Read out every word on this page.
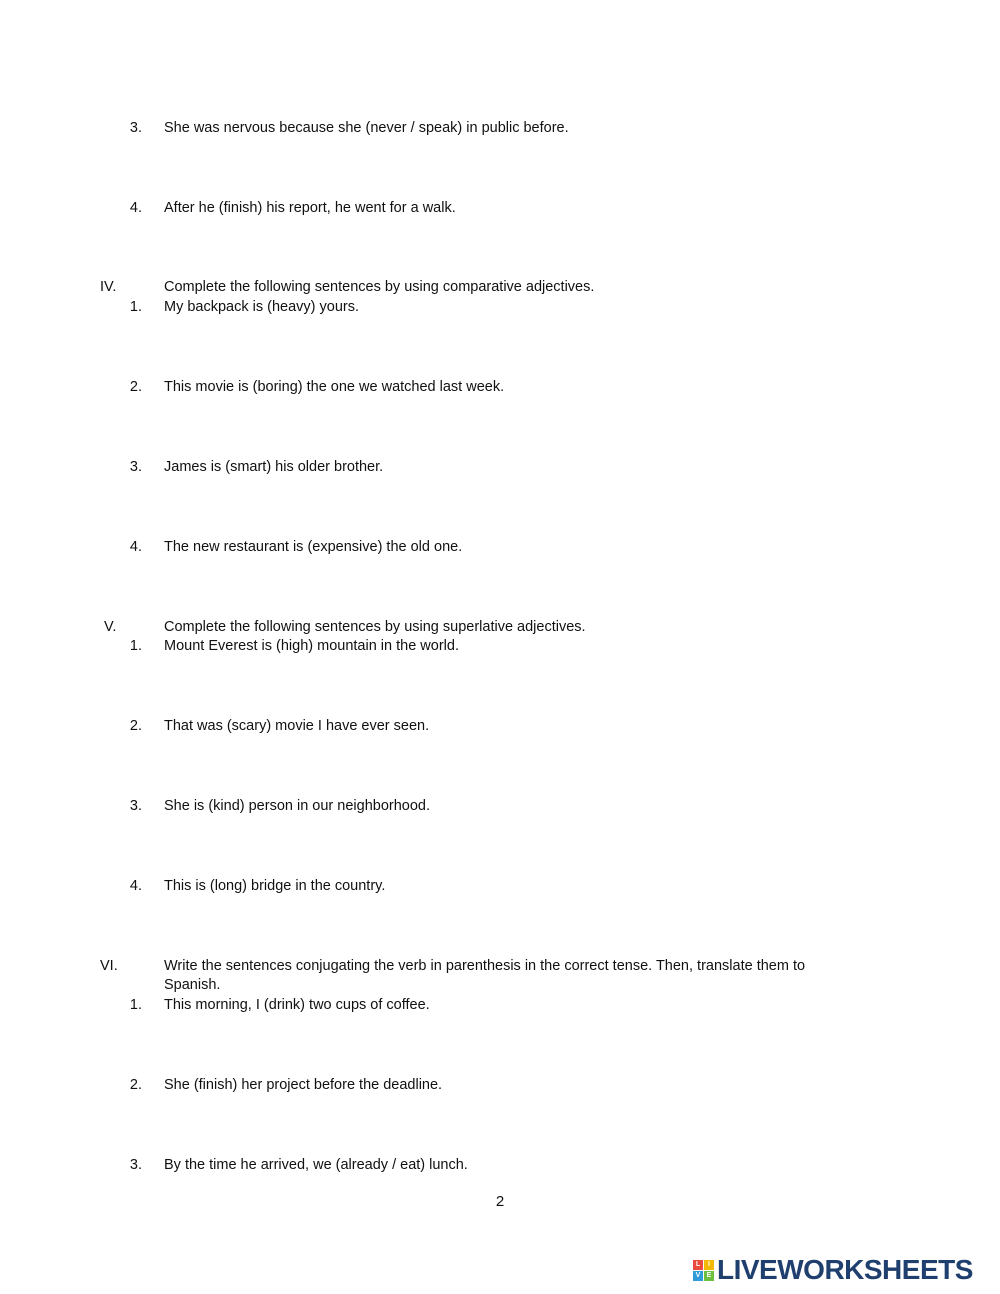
3. She was nervous because she (never / speak) in public before.
4. After he (finish) his report, he went for a walk.
IV.	Complete the following sentences by using comparative adjectives.
1. My backpack is (heavy) yours.
2. This movie is (boring) the one we watched last week.
3. James is (smart) his older brother.
4. The new restaurant is (expensive) the old one.
V.	Complete the following sentences by using superlative adjectives.
1. Mount Everest is (high) mountain in the world.
2. That was (scary) movie I have ever seen.
3. She is (kind) person in our neighborhood.
4. This is (long) bridge in the country.
VI.	Write the sentences conjugating the verb in parenthesis in the correct tense. Then, translate them to
Spanish.
1. This morning, I (drink) two cups of coffee.
2. She (finish) her project before the deadline.
3. By the time he arrived, we (already / eat) lunch.
2
L	I
V E LIVEWORKSHEETS
